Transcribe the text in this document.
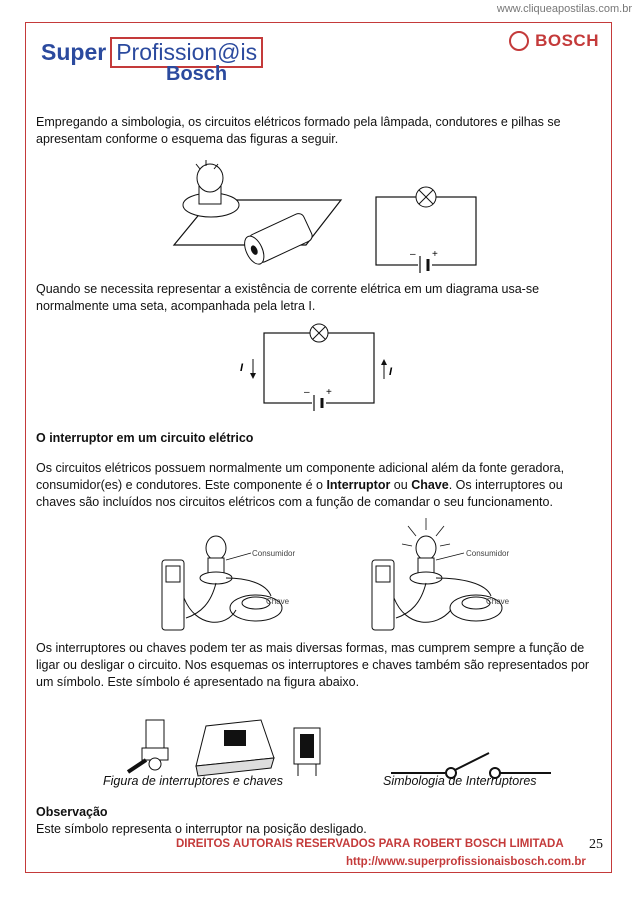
www.cliqueapostilas.com.br
Super Profission@is
Bosch
BOSCH

Empregando a simbologia, os circuitos elétricos formado pela lâmpada, condutores e pilhas se apresentam conforme o esquema das figuras a seguir.

– +

Quando se necessita representar a existência de corrente elétrica em um diagrama usa-se normalmente uma seta, acompanhada pela letra I.

– +
I	I
O interruptor em um circuito elétrico

Os circuitos elétricos possuem normalmente um componente adicional além da fonte geradora, consumidor(es) e condutores. Este componente é o Interruptor ou Chave. Os interruptores ou chaves são incluídos nos circuitos elétricos com a função de comandar o seu funcionamento.

Consumidor
Chave
Consumidor
Chave

Os interruptores ou chaves podem ter as mais diversas formas, mas cumprem sempre a função de ligar ou desligar o circuito. Nos esquemas os interruptores e chaves também são representados por um símbolo. Este símbolo é apresentado na figura abaixo.

Figura de interruptores e chaves	Simbologia de Interruptores
Observação

Este símbolo representa o interruptor na posição desligado.

DIREITOS AUTORAIS RESERVADOS PARA ROBERT BOSCH LIMITADA
http://www.superprofissionaisbosch.com.br
25
